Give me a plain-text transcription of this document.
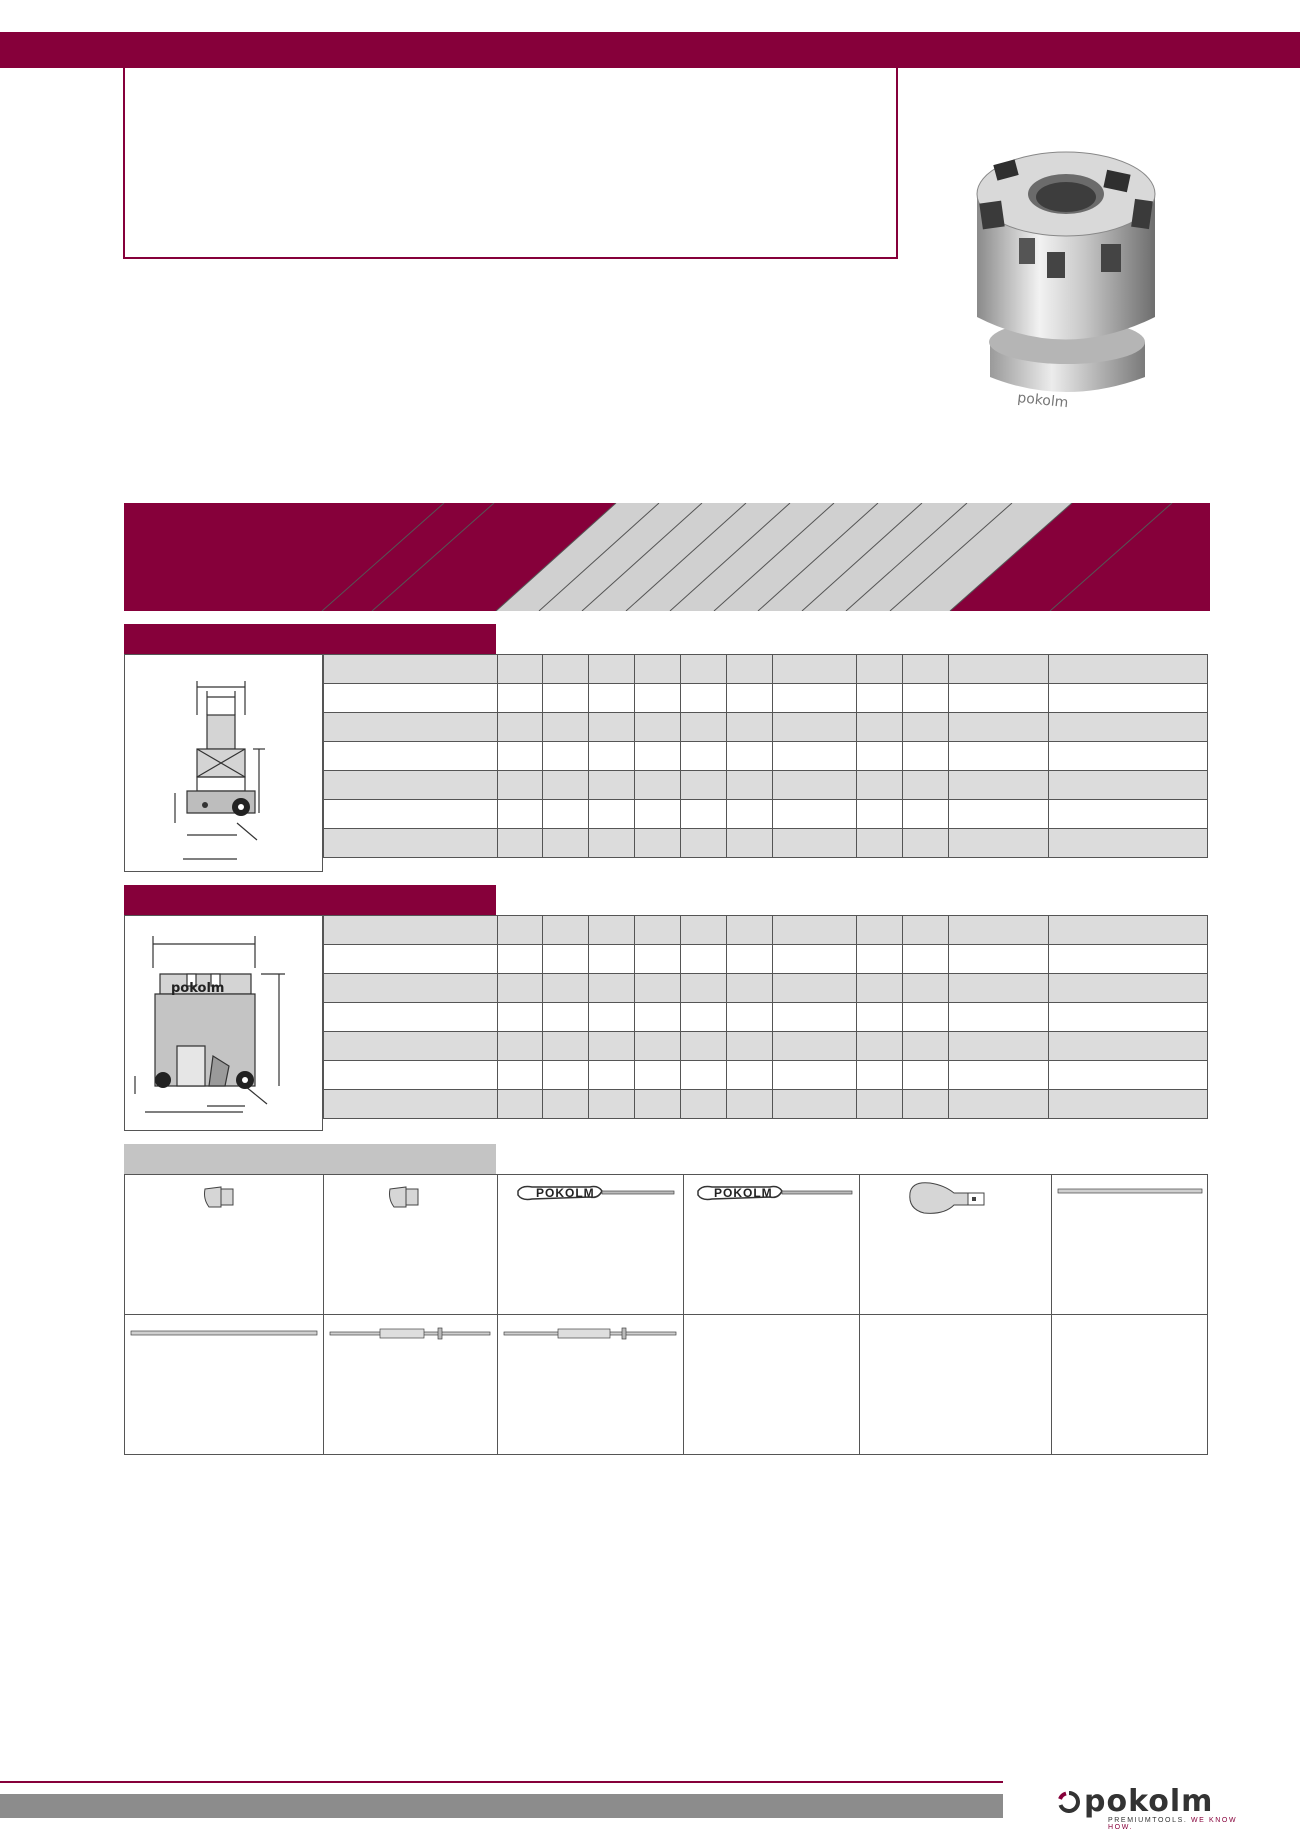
pokolm

pokolm

POKOLM	POKOLM

pokolm
PREMIUMTOOLS. WE KNOW HOW.
